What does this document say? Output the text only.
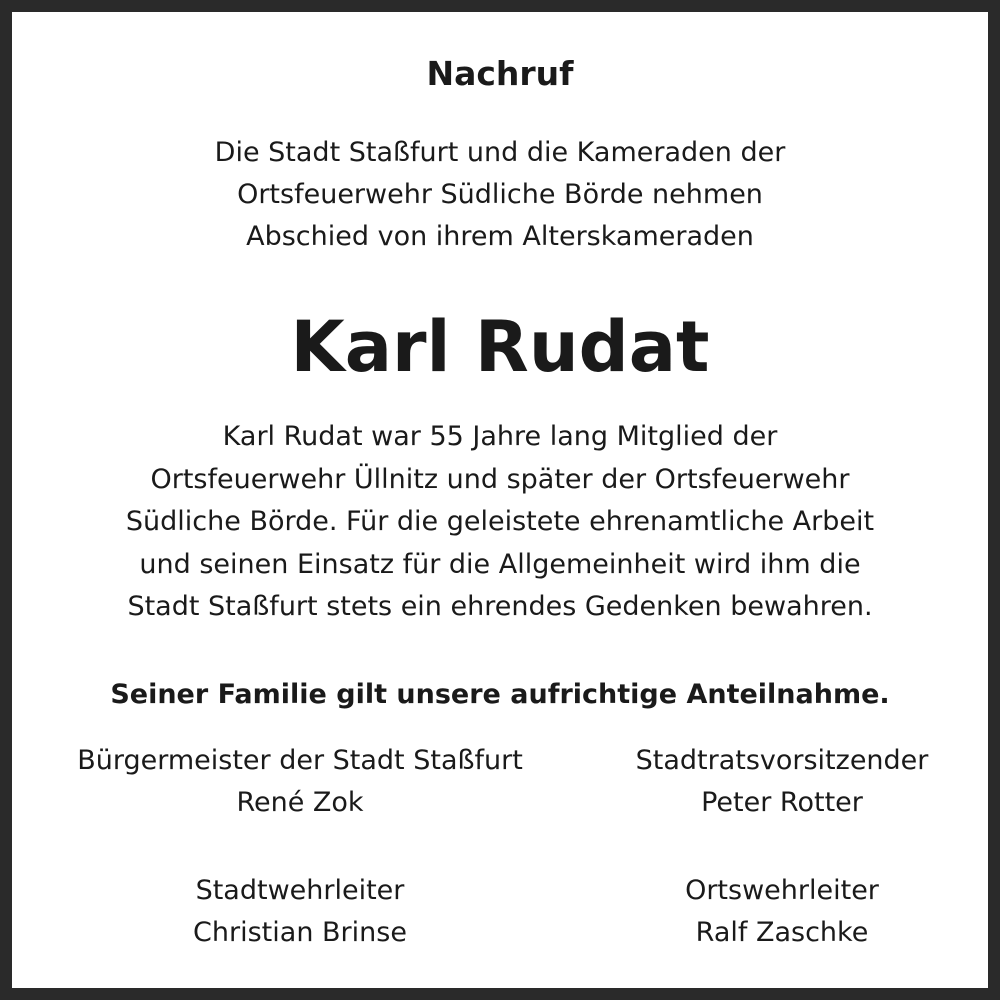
Nachruf
Die Stadt Staßfurt und die Kameraden der
Ortsfeuerwehr Südliche Börde nehmen
Abschied von ihrem Alterskameraden
Karl Rudat
Karl Rudat war 55 Jahre lang Mitglied der
Ortsfeuerwehr Üllnitz und später der Ortsfeuerwehr
Südliche Börde. Für die geleistete ehrenamtliche Arbeit
und seinen Einsatz für die Allgemeinheit wird ihm die
Stadt Staßfurt stets ein ehrendes Gedenken bewahren.
Seiner Familie gilt unsere aufrichtige Anteilnahme.
Bürgermeister der Stadt Staßfurt
René Zok
Stadtratsvorsitzender
Peter Rotter
Stadtwehrleiter
Christian Brinse
Ortswehrleiter
Ralf Zaschke
